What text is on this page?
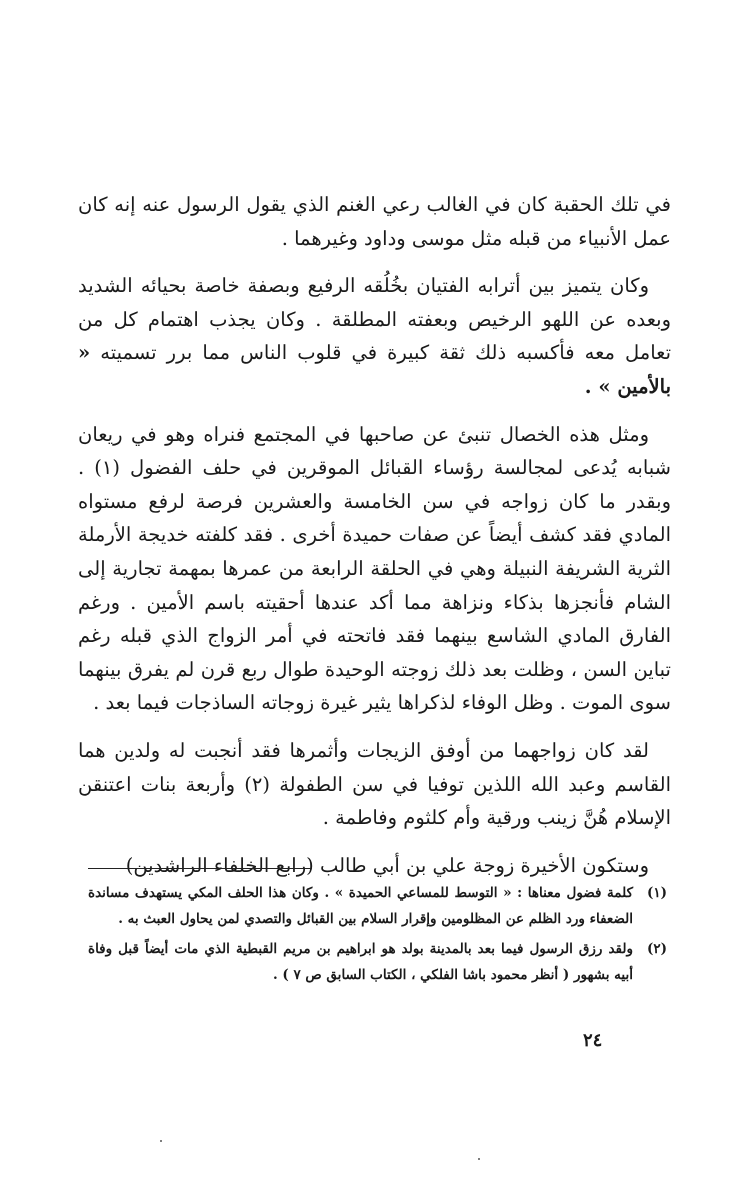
في تلك الحقبة كان في الغالب رعي الغنم الذي يقول الرسول عنه إنه كان عمل الأنبياء من قبله مثل موسى وداود وغيرهما .

وكان يتميز بين أترابه الفتيان بخُلُقه الرفيع وبصفة خاصة بحيائه الشديد وبعده عن اللهو الرخيص وبعفته المطلقة . وكان يجذب اهتمام كل من تعامل معه فأكسبه ذلك ثقة كبيرة في قلوب الناس مما برر تسميته « بالأمين » .

ومثل هذه الخصال تنبئ عن صاحبها في المجتمع فنراه وهو في ريعان شبابه يُدعى لمجالسة رؤساء القبائل الموقرين في حلف الفضول (١) . وبقدر ما كان زواجه في سن الخامسة والعشرين فرصة لرفع مستواه المادي فقد كشف أيضاً عن صفات حميدة أخرى . فقد كلفته خديجة الأرملة الثرية الشريفة النبيلة وهي في الحلقة الرابعة من عمرها بمهمة تجارية إلى الشام فأنجزها بذكاء ونزاهة مما أكد عندها أحقيته باسم الأمين . ورغم الفارق المادي الشاسع بينهما فقد فاتحته في أمر الزواج الذي قبله رغم تباين السن ، وظلت بعد ذلك زوجته الوحيدة طوال ربع قرن لم يفرق بينهما سوى الموت . وظل الوفاء لذكراها يثير غيرة زوجاته الساذجات فيما بعد .

لقد كان زواجهما من أوفق الزيجات وأثمرها فقد أنجبت له ولدين هما القاسم وعبد الله اللذين توفيا في سن الطفولة (٢) وأربعة بنات اعتنقن الإسلام هُنَّ زينب ورقية وأم كلثوم وفاطمة .

وستكون الأخيرة زوجة علي بن أبي طالب (رابع الخلفاء الراشدين)

(١)
كلمة فضول معناها : « التوسط للمساعي الحميدة » . وكان هذا الحلف المكي يستهدف مساندة الضعفاء ورد الظلم عن المظلومين وإقرار السلام بين القبائل والتصدي لمن يحاول العبث به .
(٢)
ولقد رزق الرسول فيما بعد بالمدينة بولد هو ابراهيم بن مريم القبطية الذي مات أيضاً قبل وفاة أبيه بشهور ( أنظر محمود باشا الفلكي ، الكتاب السابق ص ٧ ) .
٢٤
